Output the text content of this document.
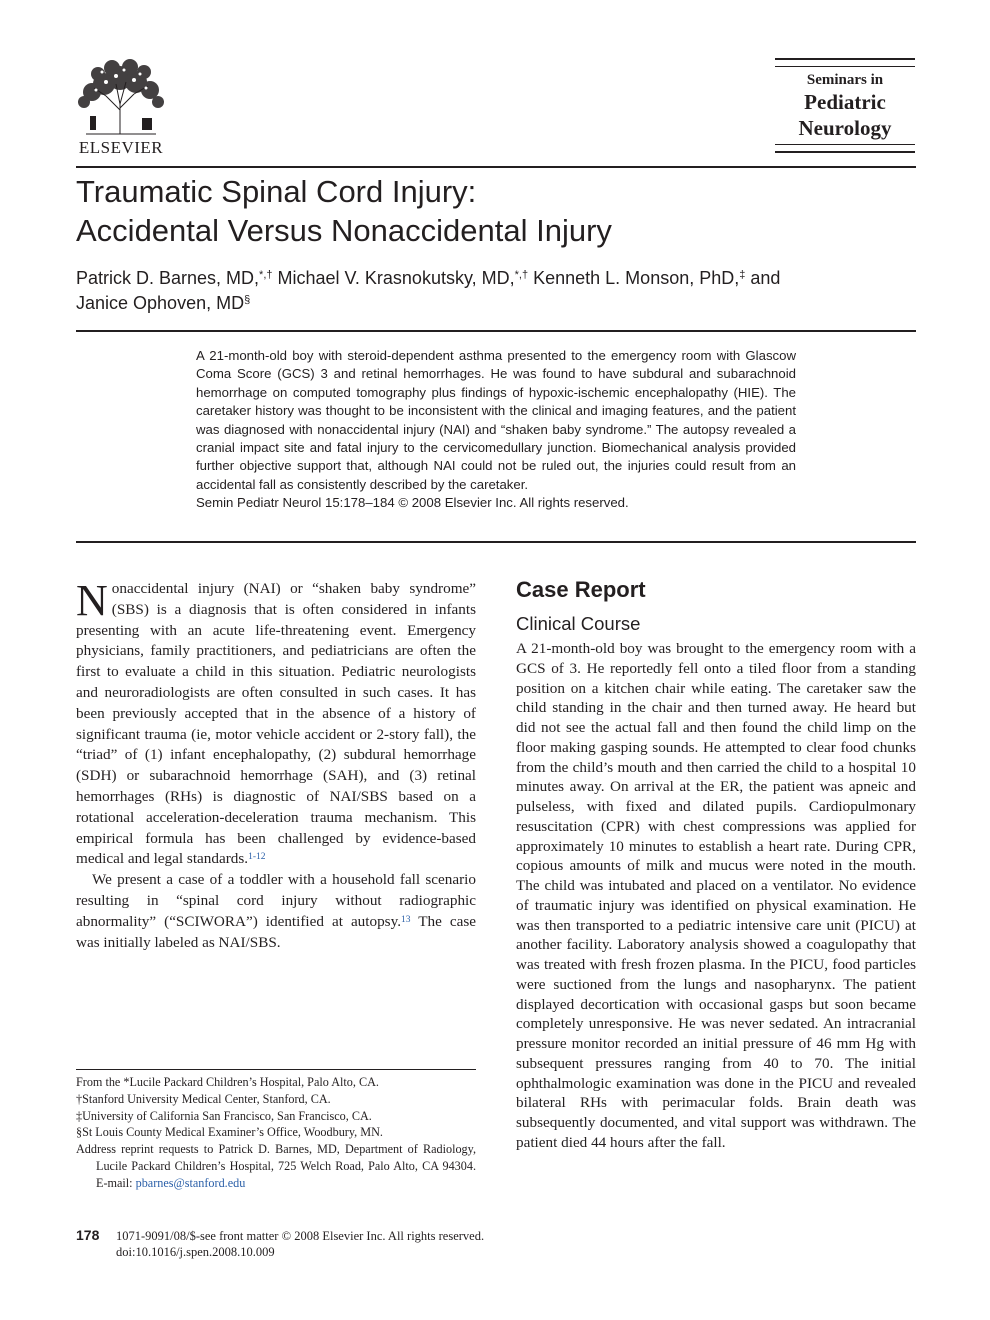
ELSEVIER
Seminars in
Pediatric
Neurology
Traumatic Spinal Cord Injury:
Accidental Versus Nonaccidental Injury
Patrick D. Barnes, MD,*,† Michael V. Krasnokutsky, MD,*,† Kenneth L. Monson, PhD,‡ and
Janice Ophoven, MD§
A 21-month-old boy with steroid-dependent asthma presented to the emergency room with Glascow Coma Score (GCS) 3 and retinal hemorrhages. He was found to have subdural and subarachnoid hemorrhage on computed tomography plus findings of hypoxic-ischemic encephalopathy (HIE). The caretaker history was thought to be inconsistent with the clinical and imaging features, and the patient was diagnosed with nonaccidental injury (NAI) and “shaken baby syndrome.” The autopsy revealed a cranial impact site and fatal injury to the cervicomedullary junction. Biomechanical analysis provided further objective support that, although NAI could not be ruled out, the injuries could result from an accidental fall as consistently described by the caretaker.
Semin Pediatr Neurol 15:178–184 © 2008 Elsevier Inc. All rights reserved.

Nonaccidental injury (NAI) or “shaken baby syndrome” (SBS) is a diagnosis that is often considered in infants presenting with an acute life-threatening event. Emergency physicians, family practitioners, and pediatricians are often the first to evaluate a child in this situation. Pediatric neurologists and neuroradiologists are often consulted in such cases. It has been previously accepted that in the absence of a history of significant trauma (ie, motor vehicle accident or 2-story fall), the “triad” of (1) infant encephalopathy, (2) subdural hemorrhage (SDH) or subarachnoid hemorrhage (SAH), and (3) retinal hemorrhages (RHs) is diagnostic of NAI/SBS based on a rotational acceleration-deceleration trauma mechanism. This empirical formula has been challenged by evidence-based medical and legal standards.$^{1-12}$

We present a case of a toddler with a household fall scenario resulting in “spinal cord injury without radiographic abnormality” (“SCIWORA”) identified at autopsy.$^{13}$ The case was initially labeled as NAI/SBS.

Case Report
Clinical Course

A 21-month-old boy was brought to the emergency room with a GCS of 3. He reportedly fell onto a tiled floor from a standing position on a kitchen chair while eating. The caretaker saw the child standing in the chair and then turned away. He heard but did not see the actual fall and then found the child limp on the floor making gasping sounds. He attempted to clear food chunks from the child’s mouth and then carried the child to a hospital 10 minutes away. On arrival at the ER, the patient was apneic and pulseless, with fixed and dilated pupils. Cardiopulmonary resuscitation (CPR) with chest compressions was applied for approximately 10 minutes to establish a heart rate. During CPR, copious amounts of milk and mucus were noted in the mouth. The child was intubated and placed on a ventilator. No evidence of traumatic injury was identified on physical examination. He was then transported to a pediatric intensive care unit (PICU) at another facility. Laboratory analysis showed a coagulopathy that was treated with fresh frozen plasma. In the PICU, food particles were suctioned from the lungs and nasopharynx. The patient displayed decortication with occasional gasps but soon became completely unresponsive. He was never sedated. An intracranial pressure monitor recorded an initial pressure of 46 mm Hg with subsequent pressures ranging from 40 to 70. The initial ophthalmologic examination was done in the PICU and revealed bilateral RHs with perimacular folds. Brain death was subsequently documented, and vital support was withdrawn. The patient died 44 hours after the fall.

From the *Lucile Packard Children’s Hospital, Palo Alto, CA.
†Stanford University Medical Center, Stanford, CA.
‡University of California San Francisco, San Francisco, CA.
§St Louis County Medical Examiner’s Office, Woodbury, MN.
Address reprint requests to Patrick D. Barnes, MD, Department of Radiology, Lucile Packard Children’s Hospital, 725 Welch Road, Palo Alto, CA 94304. E-mail: pbarnes@stanford.edu
178 1071-9091/08/$-see front matter © 2008 Elsevier Inc. All rights reserved.
doi:10.1016/j.spen.2008.10.009
